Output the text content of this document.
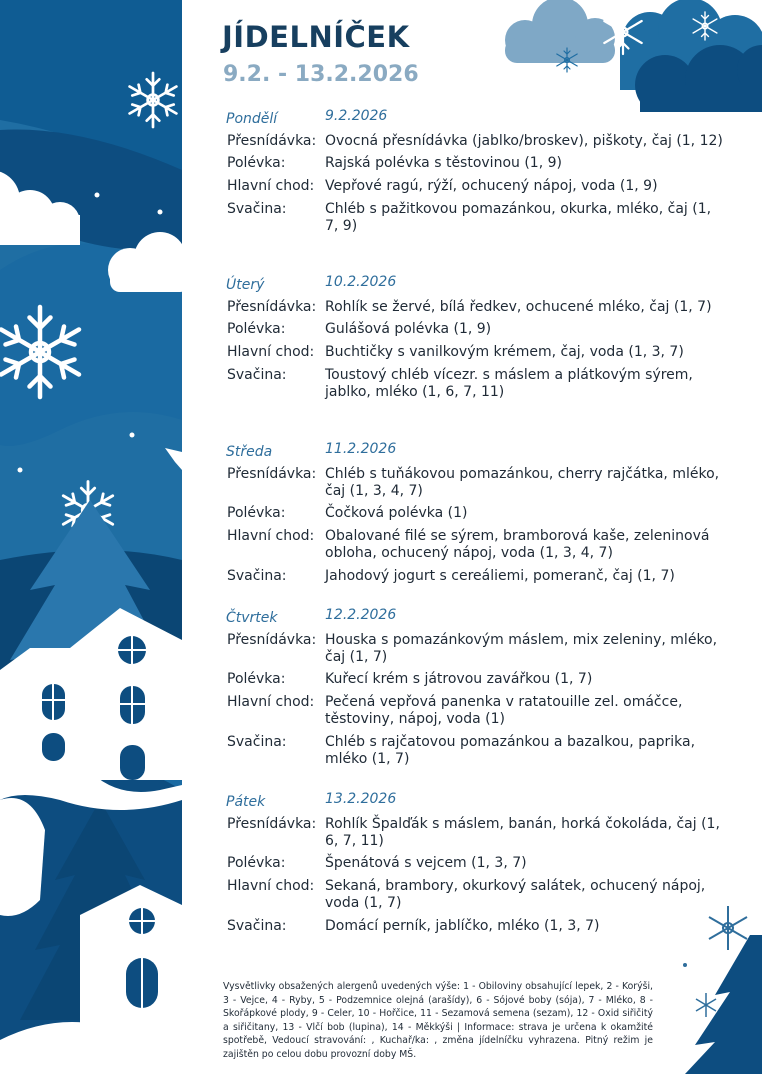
JÍDELNÍČEK
9.2. - 13.2.2026
Pondělí	9.2.2026
Přesnídávka: Ovocná přesnídávka (jablko/broskev), piškoty, čaj (1, 12)
Polévka:	Rajská polévka s těstovinou (1, 9)
Hlavní chod: Vepřové ragú, rýží, ochucený nápoj, voda (1, 9)
Svačina:	Chléb s pažitkovou pomazánkou, okurka, mléko, čaj (1, 7, 9)
Úterý	10.2.2026
Přesnídávka: Rohlík se žervé, bílá ředkev, ochucené mléko, čaj (1, 7)
Polévka:	Gulášová polévka (1, 9)
Hlavní chod: Buchtičky s vanilkovým krémem, čaj, voda (1, 3, 7)
Svačina:	Toustový chléb vícezr. s máslem a plátkovým sýrem, jablko, mléko (1, 6, 7, 11)
Středa	11.2.2026
Přesnídávka: Chléb s tuňákovou pomazánkou, cherry rajčátka, mléko, čaj (1, 3, 4, 7)
Polévka:	Čočková polévka (1)
Hlavní chod: Obalované filé se sýrem, bramborová kaše, zeleninová obloha, ochucený nápoj, voda (1, 3, 4, 7)
Svačina:	Jahodový jogurt s cereáliemi, pomeranč, čaj (1, 7)
Čtvrtek	12.2.2026
Přesnídávka: Houska s pomazánkovým máslem, mix zeleniny, mléko, čaj (1, 7)
Polévka:	Kuřecí krém s játrovou zavářkou (1, 7)
Hlavní chod: Pečená vepřová panenka v ratatouille zel. omáčce, těstoviny, nápoj, voda (1)
Svačina:	Chléb s rajčatovou pomazánkou a bazalkou, paprika, mléko (1, 7)
Pátek	13.2.2026
Přesnídávka: Rohlík Špalďák s máslem, banán, horká čokoláda, čaj (1, 6, 7, 11)
Polévka:	Špenátová s vejcem (1, 3, 7)
Hlavní chod: Sekaná, brambory, okurkový salátek, ochucený nápoj, voda (1, 7)
Svačina:	Domácí perník, jablíčko, mléko (1, 3, 7)

Vysvětlivky obsažených alergenů uvedených výše: 1 - Obiloviny obsahující lepek, 2 - Korýši, 3 - Vejce, 4 - Ryby, 5 - Podzemnice olejná (arašídy), 6 - Sójové boby (sója), 7 - Mléko, 8 - Skořápkové plody, 9 - Celer, 10 - Hořčice, 11 - Sezamová semena (sezam), 12 - Oxid siřičitý a siřičitany, 13 - Vlčí bob (lupina), 14 - Měkkýši | Informace: strava je určena k okamžité spotřebě, Vedoucí stravování: , Kuchař/ka: , změna jídelníčku vyhrazena. Pitný režim je zajištěn po celou dobu provozní doby MŠ.
